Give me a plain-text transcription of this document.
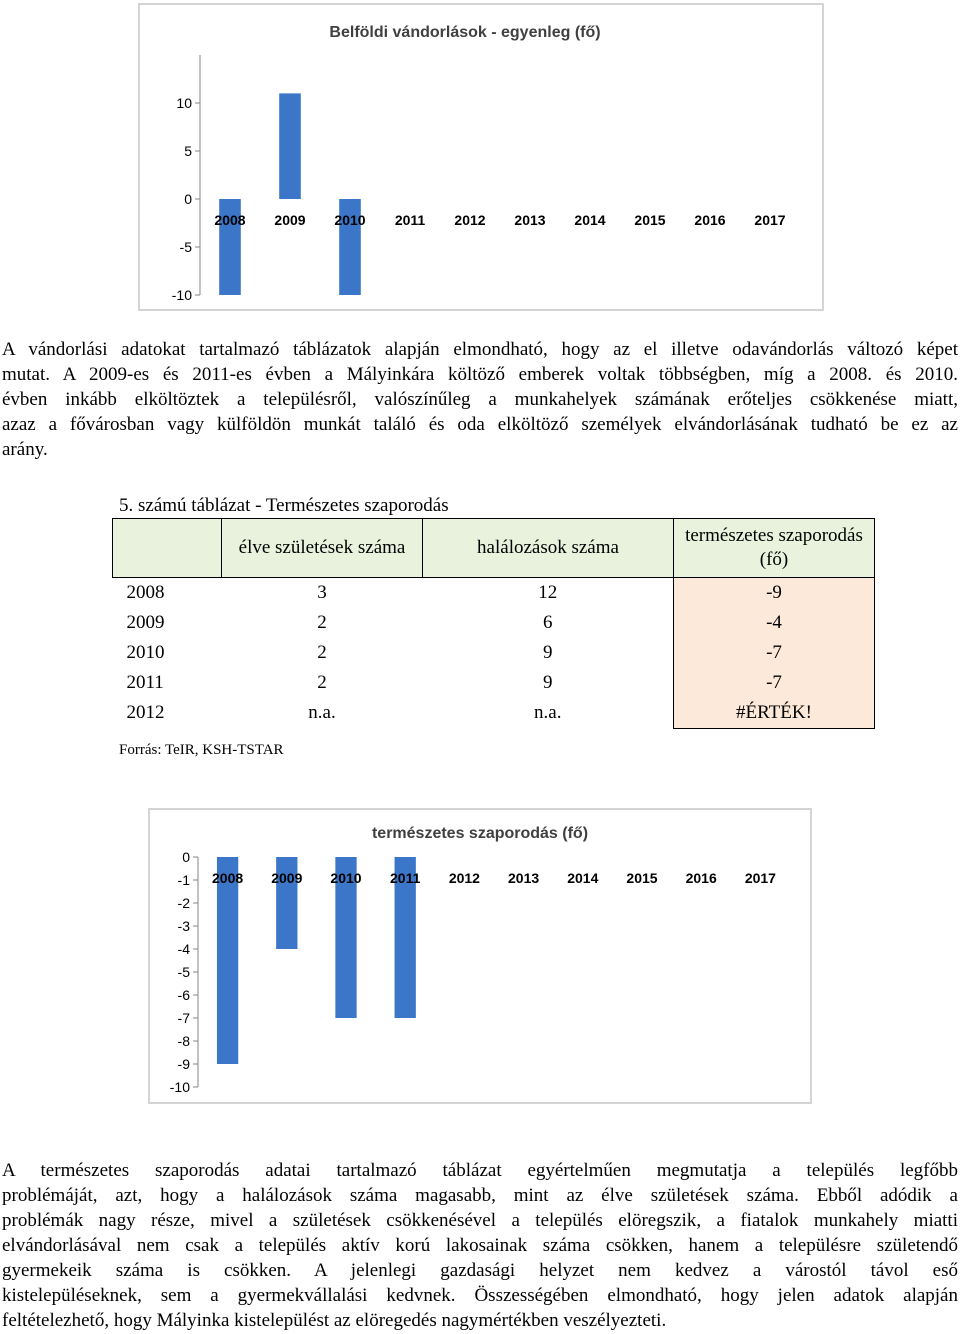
Belföldi vándorlások - egyenleg (fő)
10
5
0
-5
-10
2008 2009 2010 2011 2012 2013 2014 2015 2016 2017
A vándorlási adatokat tartalmazó táblázatok alapján elmondható, hogy az el illetve odavándorlás változó képet
mutat. A 2009-es és 2011-es évben a Mályinkára költöző emberek voltak többségben, míg a 2008. és 2010.
évben inkább elköltöztek a településről, valószínűleg a munkahelyek számának erőteljes csökkenése miatt,
azaz a fővárosban vagy külföldön munkát találó és oda elköltöző személyek elvándorlásának tudható be ez az
arány.
5. számú táblázat - Természetes szaporodás
	élve születések száma	halálozások száma	természetes szaporodás (fő)
2008	3	12	-9
2009	2	6	-4
2010	2	9	-7
2011	2	9	-7
2012	n.a.	n.a.	#ÉRTÉK!
Forrás: TeIR, KSH-TSTAR
természetes szaporodás (fő)
0
-1
-2
-3
-4
-5
-6
-7
-8
-9
-10
2008 2009 2010 2011 2012 2013 2014 2015 2016 2017
A természetes szaporodás adatai tartalmazó táblázat egyértelműen megmutatja a település legfőbb
problémáját, azt, hogy a halálozások száma magasabb, mint az élve születések száma. Ebből adódik a
problémák nagy része, mivel a születések csökkenésével a település elöregszik, a fiatalok munkahely miatti
elvándorlásával nem csak a település aktív korú lakosainak száma csökken, hanem a településre születendő
gyermekeik száma is csökken. A jelenlegi gazdasági helyzet nem kedvez a várostól távol eső
kistelepüléseknek, sem a gyermekvállalási kedvnek. Összességében elmondható, hogy jelen adatok alapján
feltételezhető, hogy Mályinka kistelepülést az elöregedés nagymértékben veszélyezteti.
